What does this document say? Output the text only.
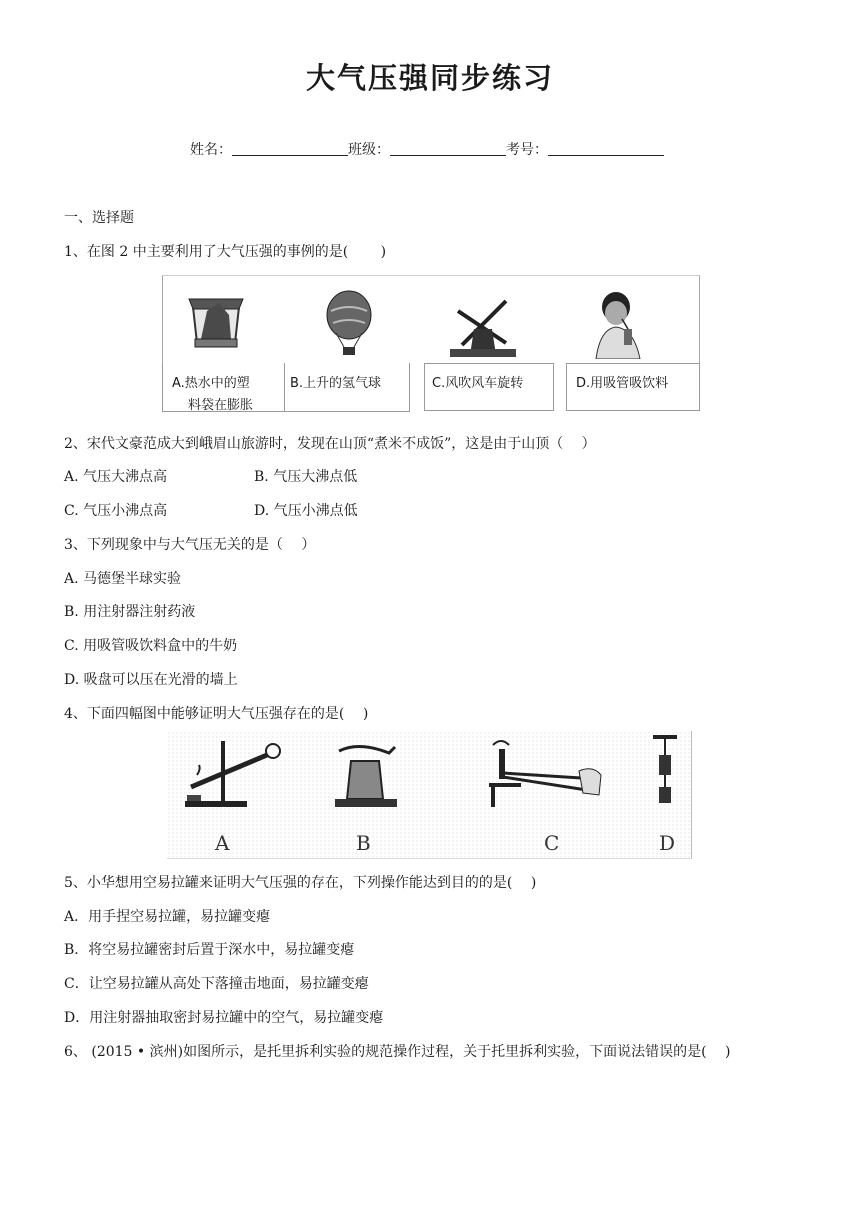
大气压强同步练习
姓名：	班级：	考号：
一、选择题
1、在图 2 中主要利用了大气压强的事例的是(　　 )
A.热水中的塑
料袋在膨胀
B.上升的氢气球	C.风吹风车旋转	D.用吸管吸饮料
2、宋代文豪范成大到峨眉山旅游时，发现在山顶“煮米不成饭”，这是由于山顶（　 ）
A. 气压大沸点高	B. 气压大沸点低
C. 气压小沸点高	D. 气压小沸点低
3、下列现象中与大气压无关的是（　 ）
A. 马德堡半球实验
B. 用注射器注射药液
C. 用吸管吸饮料盒中的牛奶
D. 吸盘可以压在光滑的墙上
4、下面四幅图中能够证明大气压强存在的是(　 )
A	B	C	D
5、小华想用空易拉罐来证明大气压强的存在，下列操作能达到目的的是(　 )
A．用手捏空易拉罐，易拉罐变瘪
B．将空易拉罐密封后置于深水中，易拉罐变瘪
C．让空易拉罐从高处下落撞击地面，易拉罐变瘪
D．用注射器抽取密封易拉罐中的空气，易拉罐变瘪
6、 (2015 • 滨州)如图所示，是托里拆利实验的规范操作过程，关于托里拆利实验，下面说法错误的是(　 )
